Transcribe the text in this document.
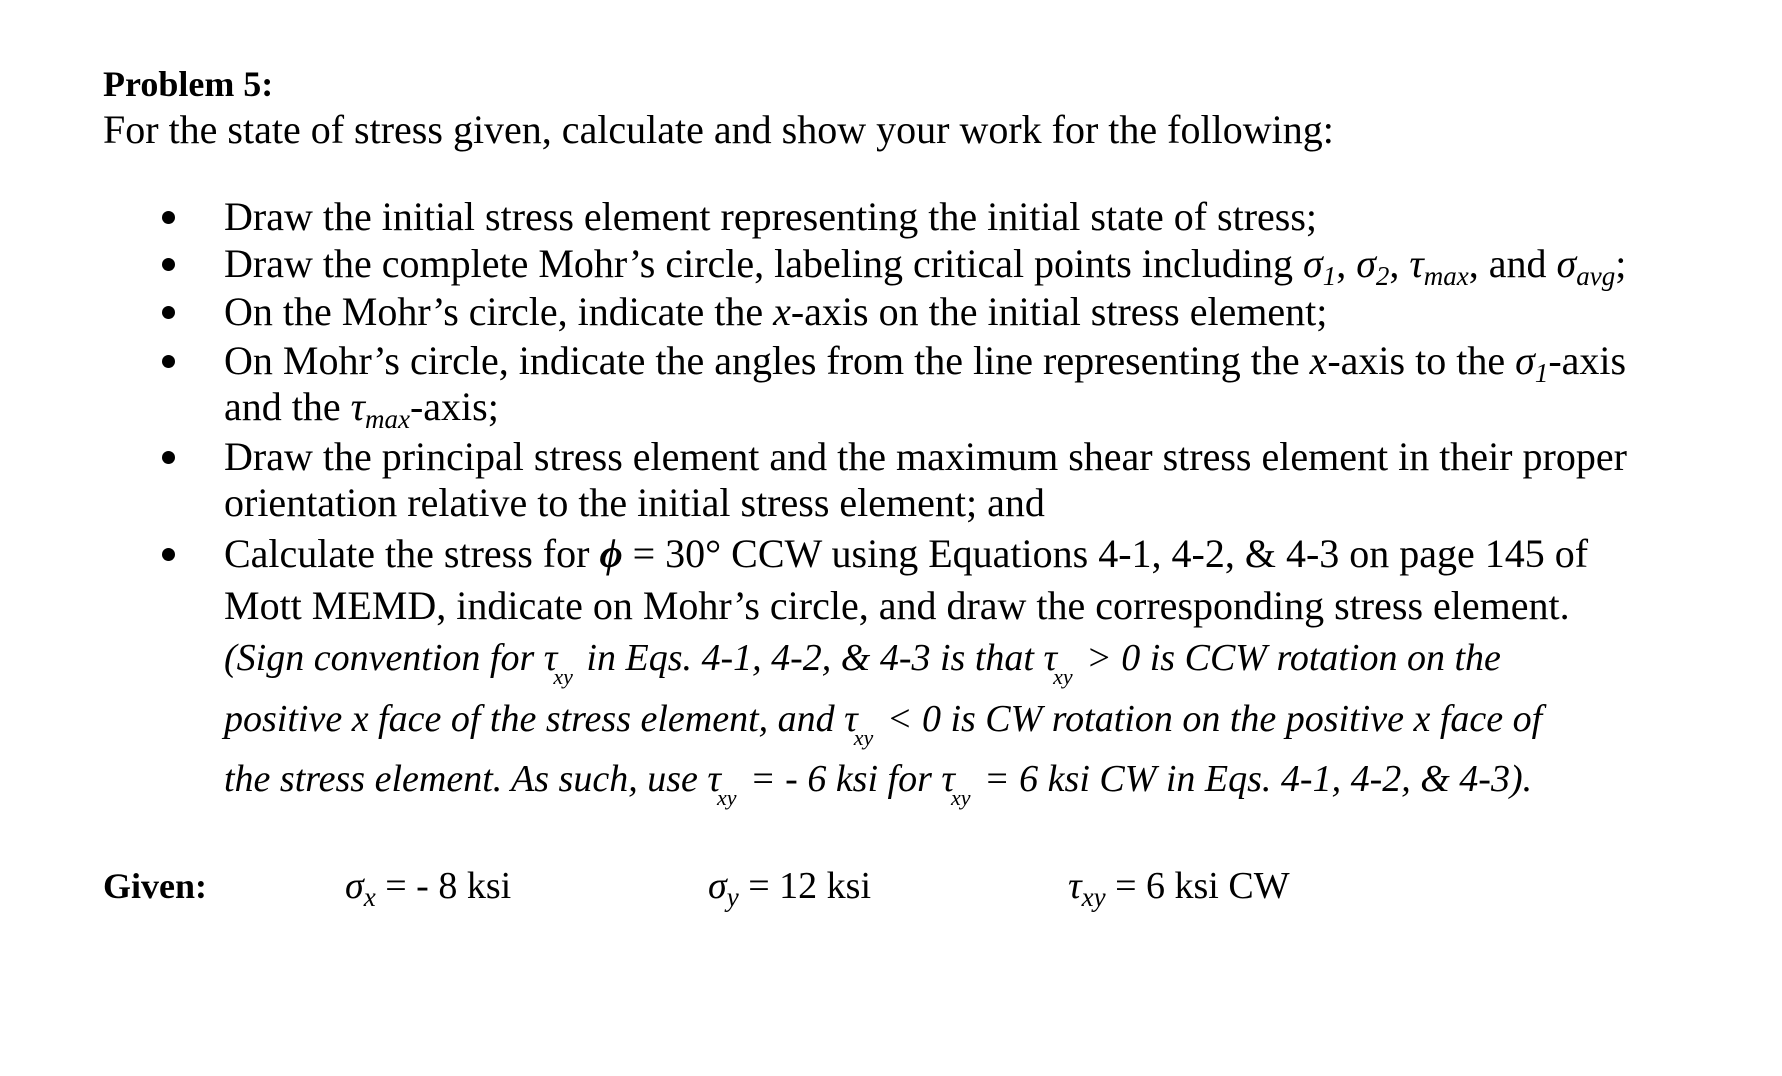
Problem 5:
For the state of stress given, calculate and show your work for the following:
Draw the initial stress element representing the initial state of stress;
Draw the complete Mohr’s circle, labeling critical points including $\sigma_1$, $\sigma_2$, $\tau_{max}$, and $\sigma_{avg}$;
On the Mohr’s circle, indicate the x-axis on the initial stress element;
On Mohr’s circle, indicate the angles from the line representing the x-axis to the $\sigma_1$-axis
and the $\tau_{max}$-axis;
Draw the principal stress element and the maximum shear stress element in their proper
orientation relative to the initial stress element; and
Calculate the stress for ϕ = 30° CCW using Equations 4-1, 4-2, & 4-3 on page 145 of
Mott MEMD, indicate on Mohr’s circle, and draw the corresponding stress element.
(Sign convention for $\tau_{xy}$ in Eqs. 4-1, 4-2, & 4-3 is that $\tau_{xy} > 0$ is CCW rotation on the
positive x face of the stress element, and $\tau_{xy} < 0$ is CW rotation on the positive x face of
the stress element. As such, use $\tau_{xy}$ = - 6 ksi for $\tau_{xy} = 6$ ksi CW in Eqs. 4-1, 4-2, & 4-3).
Given:	$\sigma_x$ = - 8 ksi	$\sigma_y = 12$ ksi	$\tau_{xy} = 6$ ksi CW
